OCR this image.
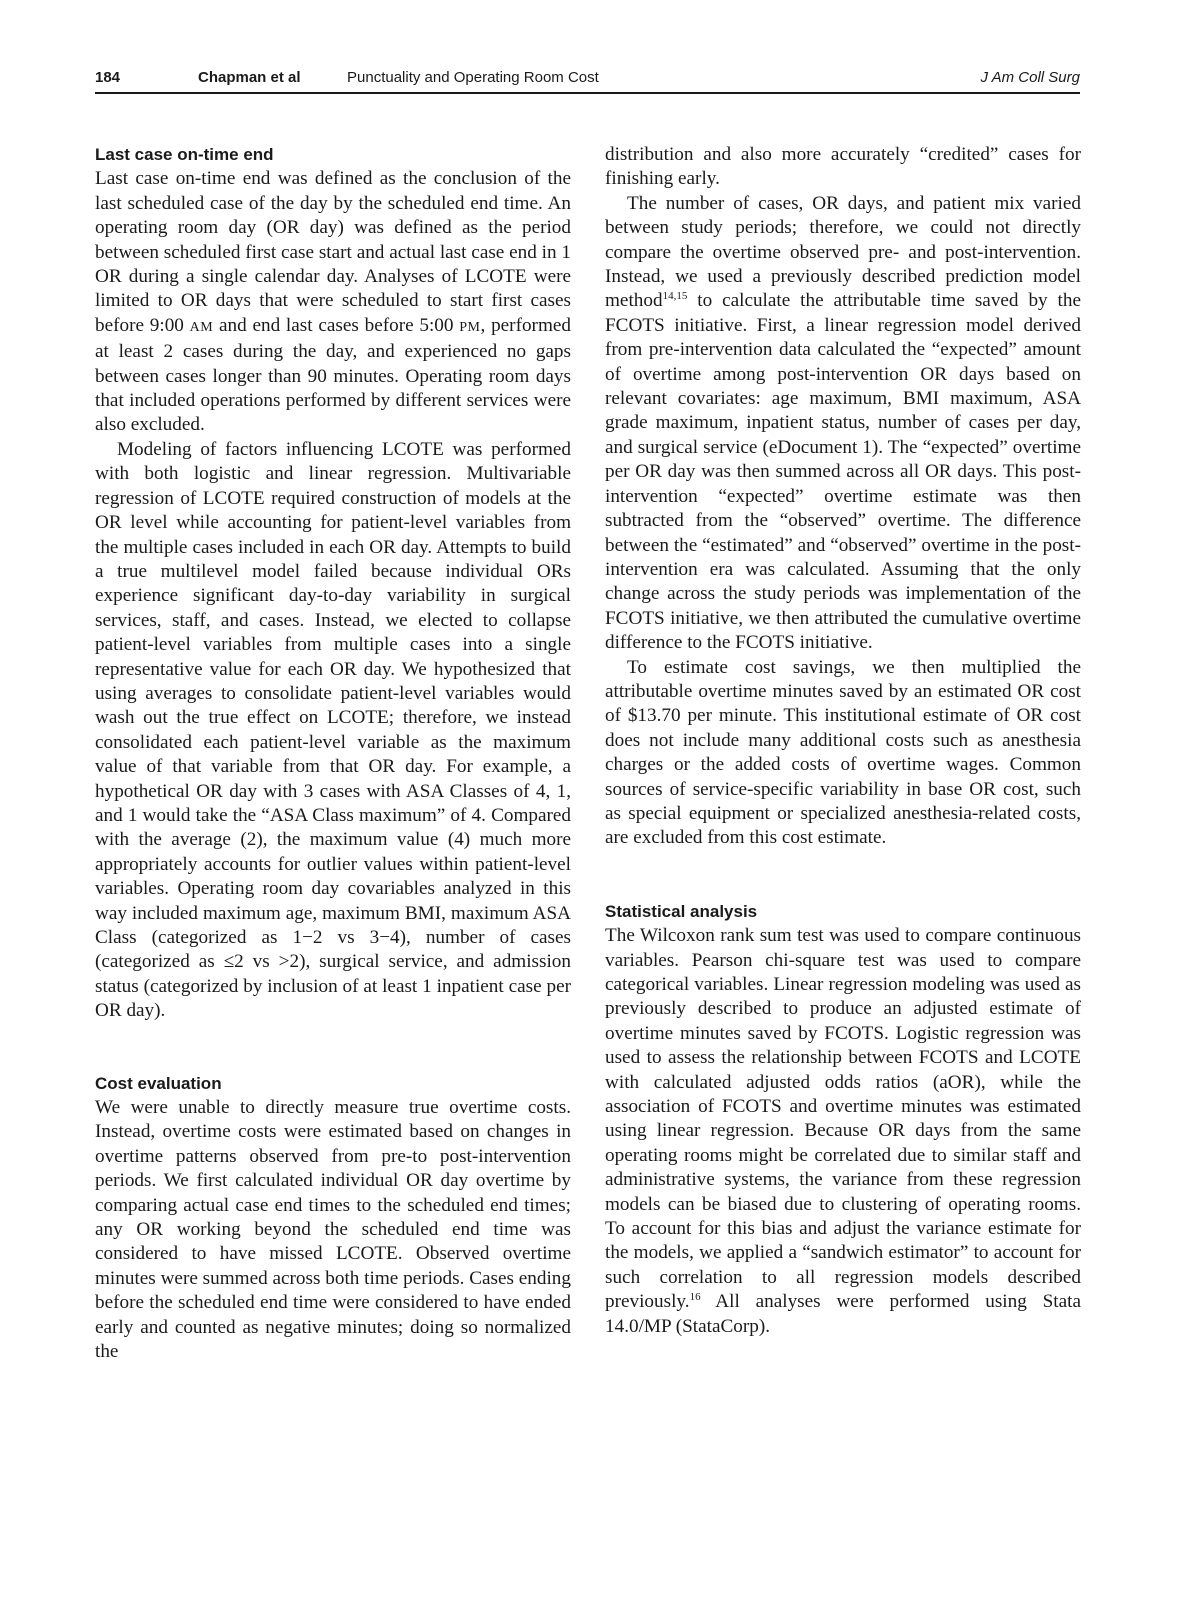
184	Chapman et al	Punctuality and Operating Room Cost	J Am Coll Surg
Last case on-time end

Last case on-time end was defined as the conclusion of the last scheduled case of the day by the scheduled end time. An operating room day (OR day) was defined as the period between scheduled first case start and actual last case end in 1 OR during a single calendar day. Analyses of LCOTE were limited to OR days that were scheduled to start first cases before 9:00 AM and end last cases before 5:00 PM, performed at least 2 cases during the day, and experienced no gaps between cases longer than 90 minutes. Operating room days that included operations performed by different services were also excluded.

Modeling of factors influencing LCOTE was performed with both logistic and linear regression. Multivariable regression of LCOTE required construction of models at the OR level while accounting for patient-level variables from the multiple cases included in each OR day. Attempts to build a true multilevel model failed because individual ORs experience significant day-to-day variability in surgical services, staff, and cases. Instead, we elected to collapse patient-level variables from multiple cases into a single representative value for each OR day. We hypothesized that using averages to consolidate patient-level variables would wash out the true effect on LCOTE; therefore, we instead consolidated each patient-level variable as the maximum value of that variable from that OR day. For example, a hypothetical OR day with 3 cases with ASA Classes of 4, 1, and 1 would take the “ASA Class maximum” of 4. Compared with the average (2), the maximum value (4) much more appropriately accounts for outlier values within patient-level variables. Operating room day covariables analyzed in this way included maximum age, maximum BMI, maximum ASA Class (categorized as 1−2 vs 3−4), number of cases (categorized as ≤2 vs >2), surgical service, and admission status (categorized by inclusion of at least 1 inpatient case per OR day).

Cost evaluation

We were unable to directly measure true overtime costs. Instead, overtime costs were estimated based on changes in overtime patterns observed from pre-to post-intervention periods. We first calculated individual OR day overtime by comparing actual case end times to the scheduled end times; any OR working beyond the scheduled end time was considered to have missed LCOTE. Observed overtime minutes were summed across both time periods. Cases ending before the scheduled end time were considered to have ended early and counted as negative minutes; doing so normalized the

distribution and also more accurately “credited” cases for finishing early.

The number of cases, OR days, and patient mix varied between study periods; therefore, we could not directly compare the overtime observed pre- and post-intervention. Instead, we used a previously described prediction model method$^{14,15}$ to calculate the attributable time saved by the FCOTS initiative. First, a linear regression model derived from pre-intervention data calculated the “expected” amount of overtime among post-intervention OR days based on relevant covariates: age maximum, BMI maximum, ASA grade maximum, inpatient status, number of cases per day, and surgical service (eDocument 1). The “expected” overtime per OR day was then summed across all OR days. This post-intervention “expected” overtime estimate was then subtracted from the “observed” overtime. The difference between the “estimated” and “observed” overtime in the post-intervention era was calculated. Assuming that the only change across the study periods was implementation of the FCOTS initiative, we then attributed the cumulative overtime difference to the FCOTS initiative.

To estimate cost savings, we then multiplied the attributable overtime minutes saved by an estimated OR cost of $13.70 per minute. This institutional estimate of OR cost does not include many additional costs such as anesthesia charges or the added costs of overtime wages. Common sources of service-specific variability in base OR cost, such as special equipment or specialized anesthesia-related costs, are excluded from this cost estimate.

Statistical analysis

The Wilcoxon rank sum test was used to compare continuous variables. Pearson chi-square test was used to compare categorical variables. Linear regression modeling was used as previously described to produce an adjusted estimate of overtime minutes saved by FCOTS. Logistic regression was used to assess the relationship between FCOTS and LCOTE with calculated adjusted odds ratios (aOR), while the association of FCOTS and overtime minutes was estimated using linear regression. Because OR days from the same operating rooms might be correlated due to similar staff and administrative systems, the variance from these regression models can be biased due to clustering of operating rooms. To account for this bias and adjust the variance estimate for the models, we applied a “sandwich estimator” to account for such correlation to all regression models described previously.$^{16}$ All analyses were performed using Stata 14.0/MP (StataCorp).
